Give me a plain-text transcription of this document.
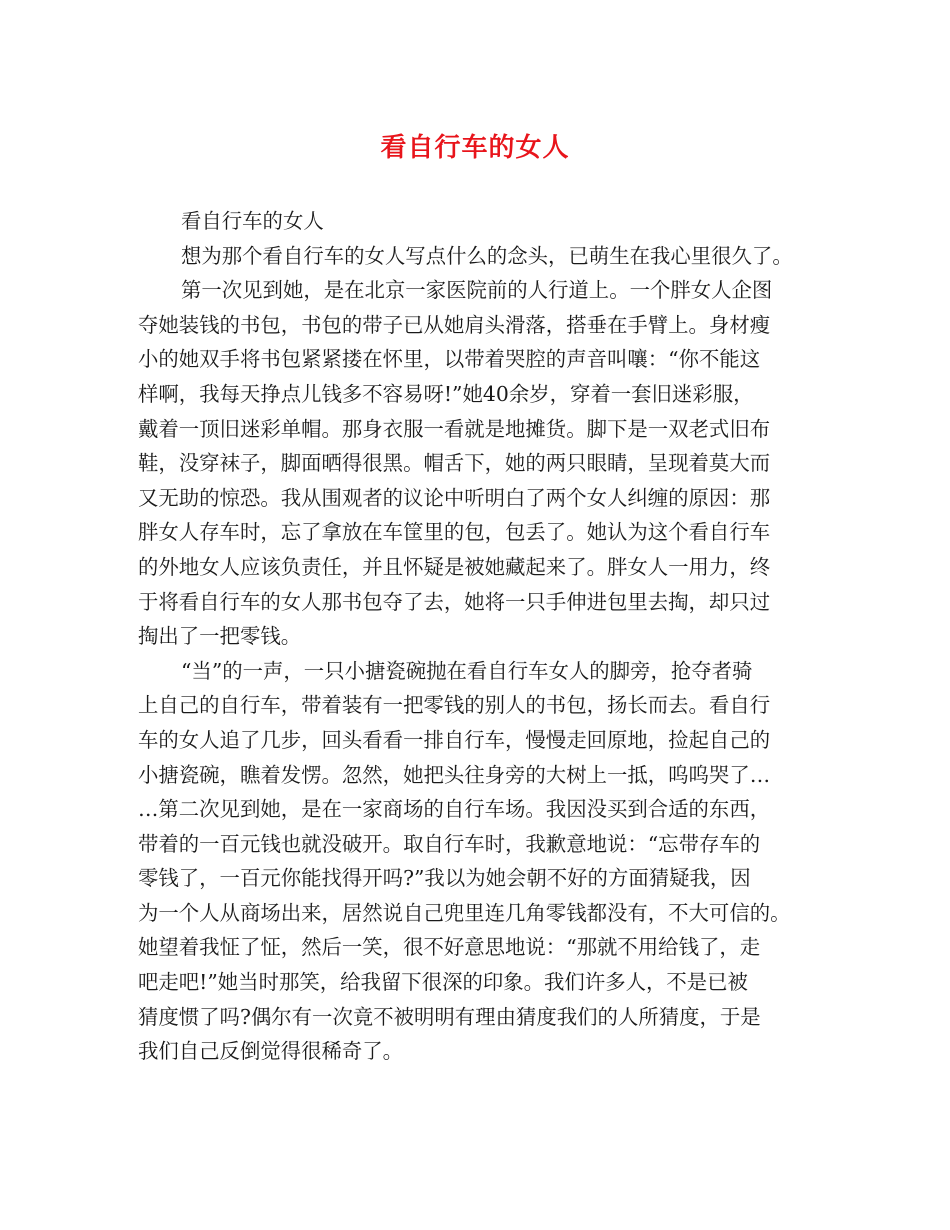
看自行车的女人
看自行车的女人
想为那个看自行车的女人写点什么的念头，已萌生在我心里很久了。
第一次见到她，是在北京一家医院前的人行道上。一个胖女人企图
夺她装钱的书包，书包的带子已从她肩头滑落，搭垂在手臂上。身材瘦
小的她双手将书包紧紧搂在怀里，以带着哭腔的声音叫嚷：“你不能这
样啊，我每天挣点儿钱多不容易呀!”她40余岁，穿着一套旧迷彩服，
戴着一顶旧迷彩单帽。那身衣服一看就是地摊货。脚下是一双老式旧布
鞋，没穿袜子，脚面晒得很黑。帽舌下，她的两只眼睛，呈现着莫大而
又无助的惊恐。我从围观者的议论中听明白了两个女人纠缠的原因：那
胖女人存车时，忘了拿放在车筐里的包，包丢了。她认为这个看自行车
的外地女人应该负责任，并且怀疑是被她藏起来了。胖女人一用力，终
于将看自行车的女人那书包夺了去，她将一只手伸进包里去掏，却只过
掏出了一把零钱。
“当”的一声，一只小搪瓷碗抛在看自行车女人的脚旁，抢夺者骑
上自己的自行车，带着装有一把零钱的别人的书包，扬长而去。看自行
车的女人追了几步，回头看看一排自行车，慢慢走回原地，捡起自己的
小搪瓷碗，瞧着发愣。忽然，她把头往身旁的大树上一抵，呜呜哭了…
…第二次见到她，是在一家商场的自行车场。我因没买到合适的东西，
带着的一百元钱也就没破开。取自行车时，我歉意地说：“忘带存车的
零钱了，一百元你能找得开吗?”我以为她会朝不好的方面猜疑我，因
为一个人从商场出来，居然说自己兜里连几角零钱都没有，不大可信的。
她望着我怔了怔，然后一笑，很不好意思地说：“那就不用给钱了，走
吧走吧!”她当时那笑，给我留下很深的印象。我们许多人，不是已被
猜度惯了吗?偶尔有一次竟不被明明有理由猜度我们的人所猜度，于是
我们自己反倒觉得很稀奇了。
